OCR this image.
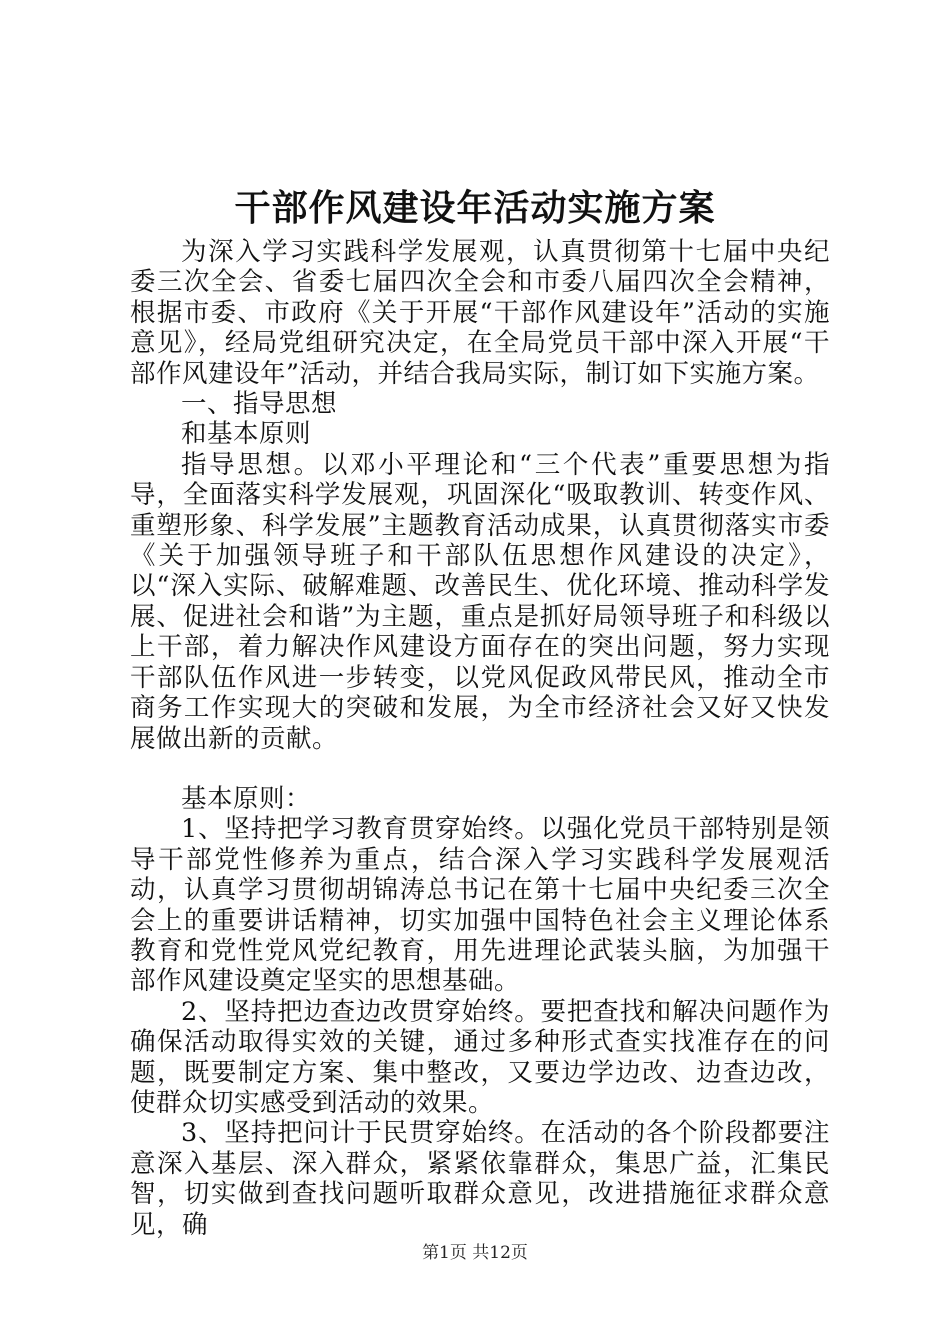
干部作风建设年活动实施方案

为深入学习实践科学发展观，认真贯彻第十七届中央纪委三次全会、省委七届四次全会和市委八届四次全会精神，根据市委、市政府《关于开展“干部作风建设年”活动的实施意见》，经局党组研究决定，在全局党员干部中深入开展“干部作风建设年”活动，并结合我局实际，制订如下实施方案。

一、指导思想

和基本原则

指导思想。以邓小平理论和“三个代表”重要思想为指导，全面落实科学发展观，巩固深化“吸取教训、转变作风、重塑形象、科学发展”主题教育活动成果，认真贯彻落实市委《关于加强领导班子和干部队伍思想作风建设的决定》，以“深入实际、破解难题、改善民生、优化环境、推动科学发展、促进社会和谐”为主题，重点是抓好局领导班子和科级以上干部，着力解决作风建设方面存在的突出问题，努力实现干部队伍作风进一步转变，以党风促政风带民风，推动全市商务工作实现大的突破和发展，为全市经济社会又好又快发展做出新的贡献。

基本原则：

1、坚持把学习教育贯穿始终。以强化党员干部特别是领导干部党性修养为重点，结合深入学习实践科学发展观活动，认真学习贯彻胡锦涛总书记在第十七届中央纪委三次全会上的重要讲话精神，切实加强中国特色社会主义理论体系教育和党性党风党纪教育，用先进理论武装头脑，为加强干部作风建设奠定坚实的思想基础。

2、坚持把边查边改贯穿始终。要把查找和解决问题作为确保活动取得实效的关键，通过多种形式查实找准存在的问题，既要制定方案、集中整改，又要边学边改、边查边改，使群众切实感受到活动的效果。

3、坚持把问计于民贯穿始终。在活动的各个阶段都要注意深入基层、深入群众，紧紧依靠群众，集思广益，汇集民智，切实做到查找问题听取群众意见，改进措施征求群众意见，确

第1页 共12页
